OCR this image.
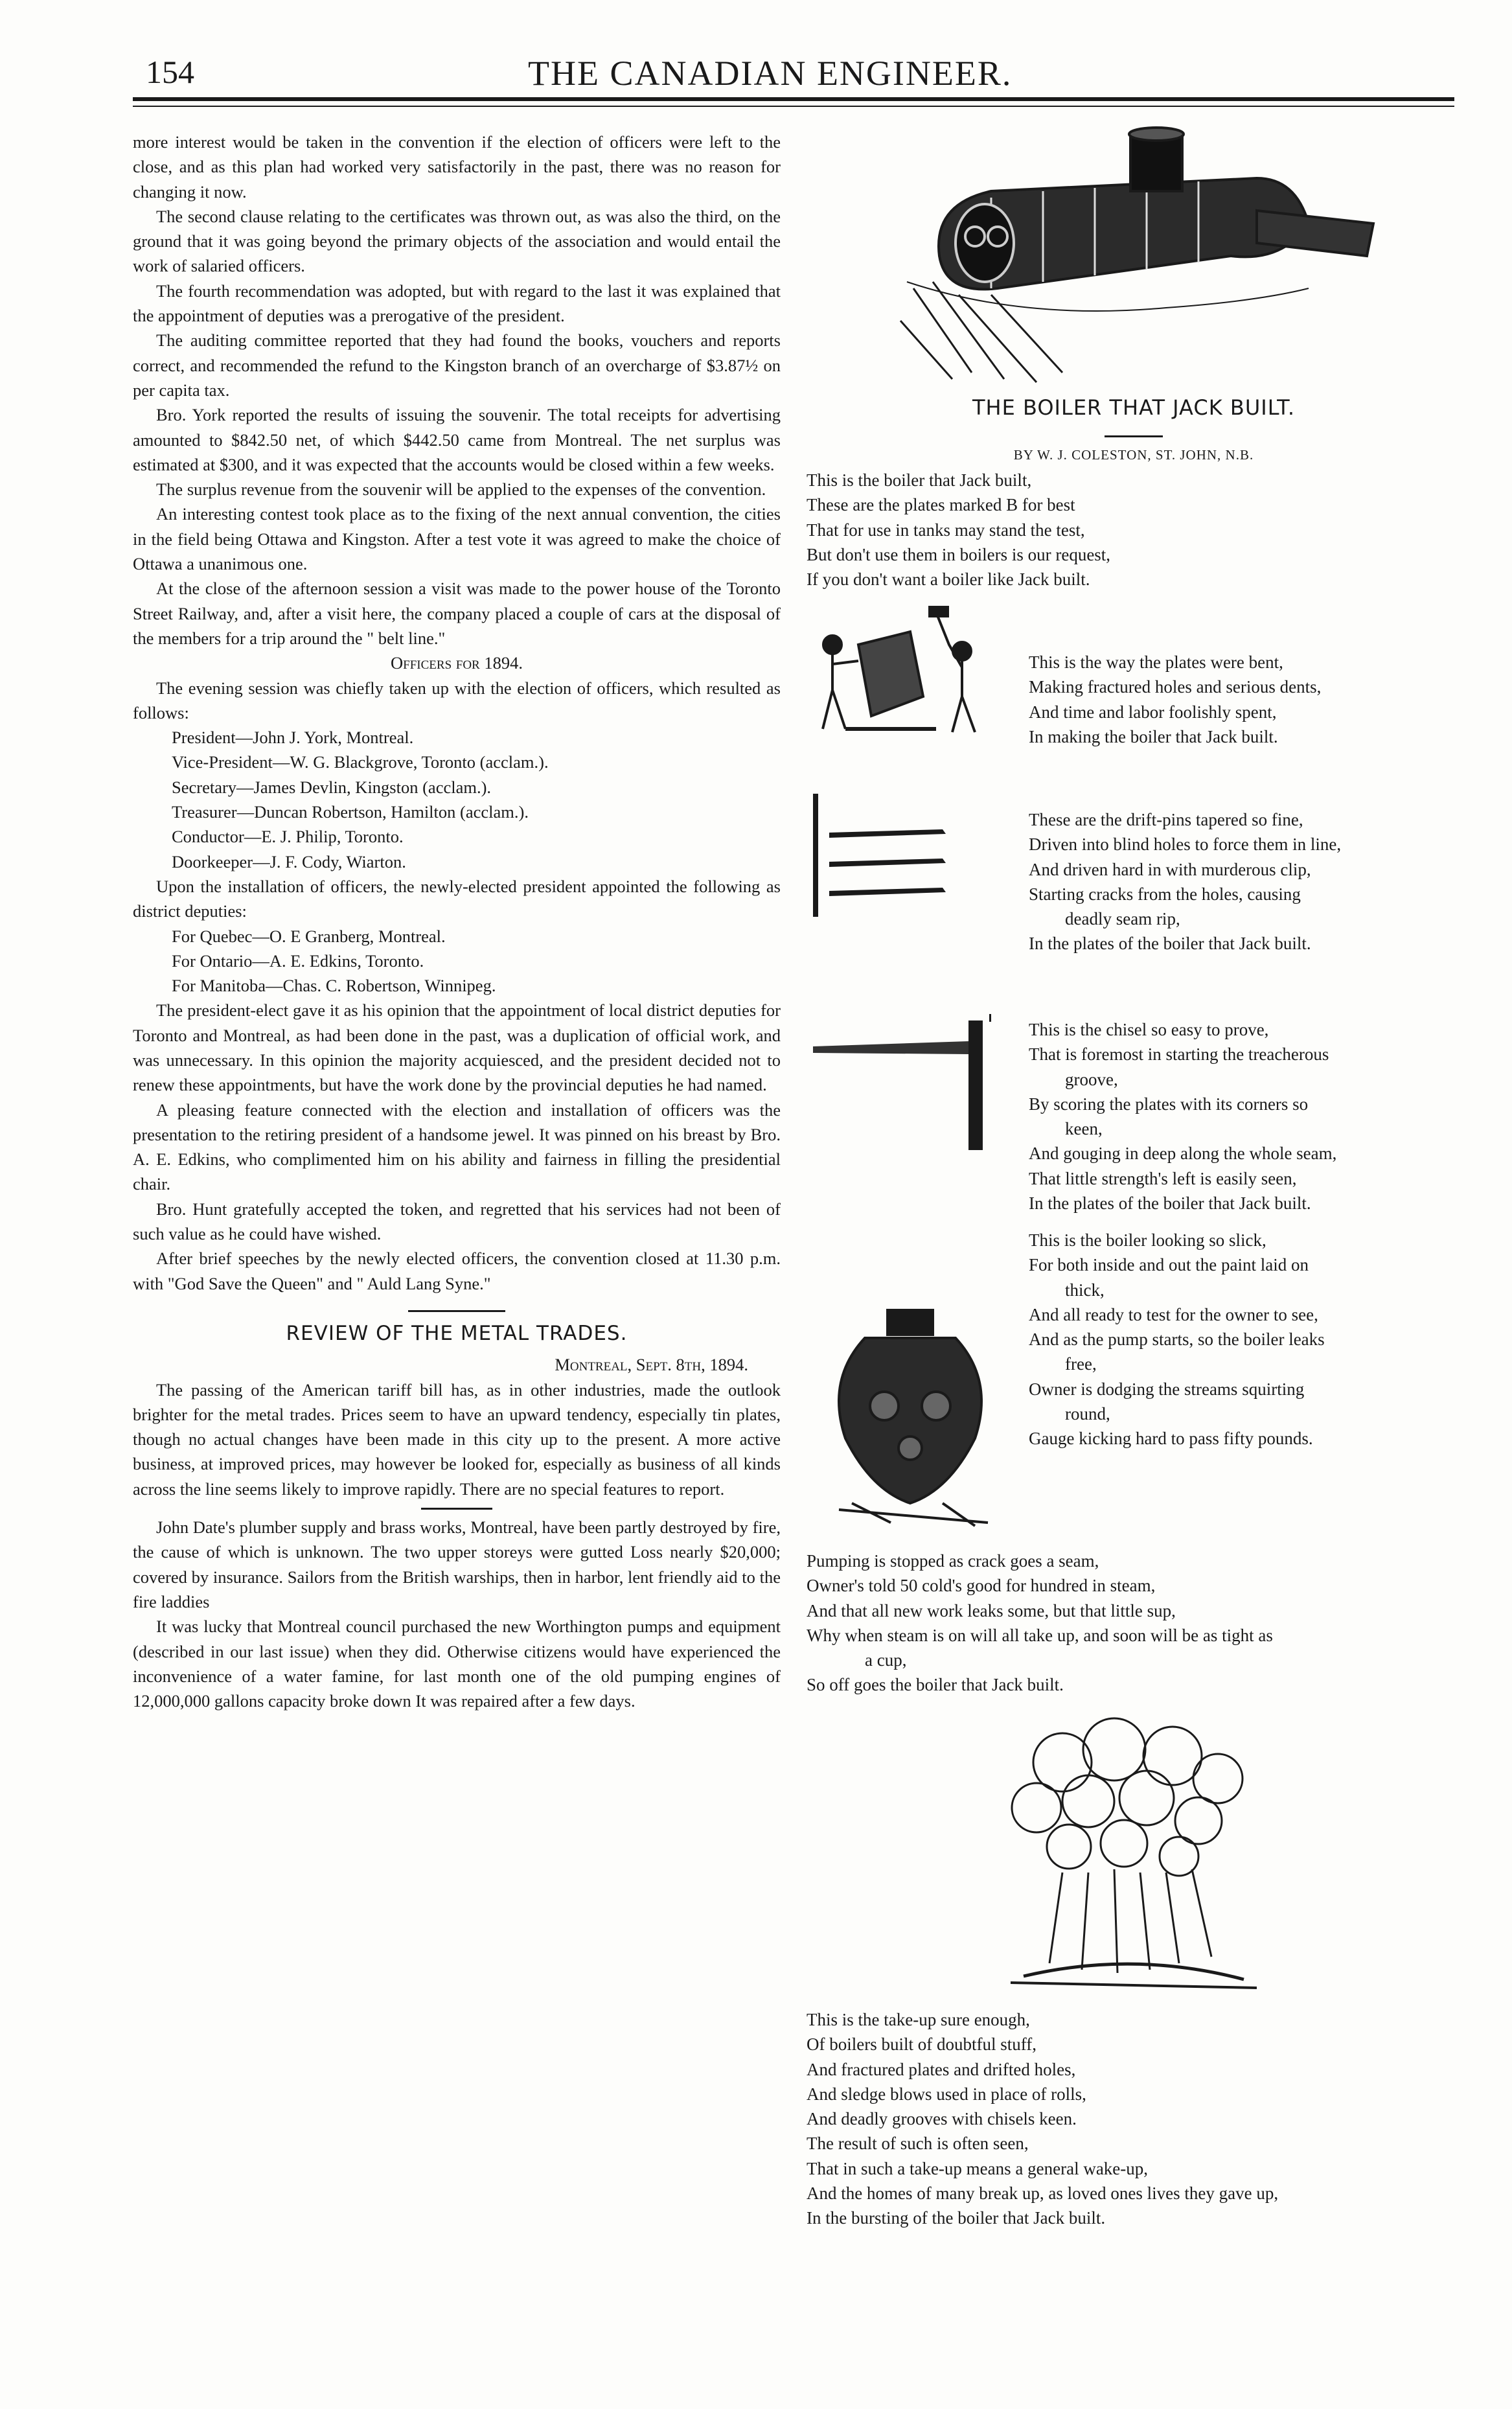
154	THE CANADIAN ENGINEER.

more interest would be taken in the convention if the election of officers were left to the close, and as this plan had worked very satisfactorily in the past, there was no reason for changing it now.

The second clause relating to the certificates was thrown out, as was also the third, on the ground that it was going beyond the primary objects of the association and would entail the work of salaried officers.

The fourth recommendation was adopted, but with regard to the last it was explained that the appointment of deputies was a prerogative of the president.

The auditing committee reported that they had found the books, vouchers and reports correct, and recommended the refund to the Kingston branch of an overcharge of $3.87½ on per capita tax.

Bro. York reported the results of issuing the souvenir. The total receipts for advertising amounted to $842.50 net, of which $442.50 came from Montreal. The net surplus was estimated at $300, and it was expected that the accounts would be closed within a few weeks.

The surplus revenue from the souvenir will be applied to the expenses of the convention.

An interesting contest took place as to the fixing of the next annual convention, the cities in the field being Ottawa and Kingston. After a test vote it was agreed to make the choice of Ottawa a unanimous one.

At the close of the afternoon session a visit was made to the power house of the Toronto Street Railway, and, after a visit here, the company placed a couple of cars at the disposal of the members for a trip around the " belt line."

Officers for 1894.

The evening session was chiefly taken up with the election of officers, which resulted as follows:

President—John J. York, Montreal.

Vice-President—W. G. Blackgrove, Toronto (acclam.).

Secretary—James Devlin, Kingston (acclam.).

Treasurer—Duncan Robertson, Hamilton (acclam.).

Conductor—E. J. Philip, Toronto.

Doorkeeper—J. F. Cody, Wiarton.

Upon the installation of officers, the newly-elected president appointed the following as district deputies:

For Quebec—O. E Granberg, Montreal.

For Ontario—A. E. Edkins, Toronto.

For Manitoba—Chas. C. Robertson, Winnipeg.

The president-elect gave it as his opinion that the appointment of local district deputies for Toronto and Montreal, as had been done in the past, was a duplication of official work, and was unnecessary. In this opinion the majority acquiesced, and the president decided not to renew these appointments, but have the work done by the provincial deputies he had named.

A pleasing feature connected with the election and installation of officers was the presentation to the retiring president of a handsome jewel. It was pinned on his breast by Bro. A. E. Edkins, who complimented him on his ability and fairness in filling the presidential chair.

Bro. Hunt gratefully accepted the token, and regretted that his services had not been of such value as he could have wished.

After brief speeches by the newly elected officers, the convention closed at 11.30 p.m. with "God Save the Queen" and " Auld Lang Syne."

REVIEW OF THE METAL TRADES.

Montreal, Sept. 8th, 1894.

The passing of the American tariff bill has, as in other industries, made the outlook brighter for the metal trades. Prices seem to have an upward tendency, especially tin plates, though no actual changes have been made in this city up to the present. A more active business, at improved prices, may however be looked for, especially as business of all kinds across the line seems likely to improve rapidly. There are no special features to report.

John Date's plumber supply and brass works, Montreal, have been partly destroyed by fire, the cause of which is unknown. The two upper storeys were gutted Loss nearly $20,000; covered by insurance. Sailors from the British warships, then in harbor, lent friendly aid to the fire laddies

It was lucky that Montreal council purchased the new Worthington pumps and equipment (described in our last issue) when they did. Otherwise citizens would have experienced the inconvenience of a water famine, for last month one of the old pumping engines of 12,000,000 gallons capacity broke down It was repaired after a few days.

THE BOILER THAT JACK BUILT.
BY W. J. COLESTON, ST. JOHN, N.B.
This is the boiler that Jack built,
These are the plates marked B for best
That for use in tanks may stand the test,
But don't use them in boilers is our request,
If you don't want a boiler like Jack built.
This is the way the plates were bent,
Making fractured holes and serious dents,
And time and labor foolishly spent,
In making the boiler that Jack built.
These are the drift-pins tapered so fine,
Driven into blind holes to force them in line,
And driven hard in with murderous clip,
Starting cracks from the holes, causing
deadly seam rip,
In the plates of the boiler that Jack built.
This is the chisel so easy to prove,
That is foremost in starting the treacherous
groove,
By scoring the plates with its corners so
keen,
And gouging in deep along the whole seam,
That little strength's left is easily seen,
In the plates of the boiler that Jack built.
This is the boiler looking so slick,
For both inside and out the paint laid on
thick,
And all ready to test for the owner to see,
And as the pump starts, so the boiler leaks
free,
Owner is dodging the streams squirting
round,
Gauge kicking hard to pass fifty pounds.
Pumping is stopped as crack goes a seam,
Owner's told 50 cold's good for hundred in steam,
And that all new work leaks some, but that little sup,
Why when steam is on will all take up, and soon will be as tight as
a cup,
So off goes the boiler that Jack built.
This is the take-up sure enough,
Of boilers built of doubtful stuff,
And fractured plates and drifted holes,
And sledge blows used in place of rolls,
And deadly grooves with chisels keen.
The result of such is often seen,
That in such a take-up means a general wake-up,
And the homes of many break up, as loved ones lives they gave up,
In the bursting of the boiler that Jack built.
